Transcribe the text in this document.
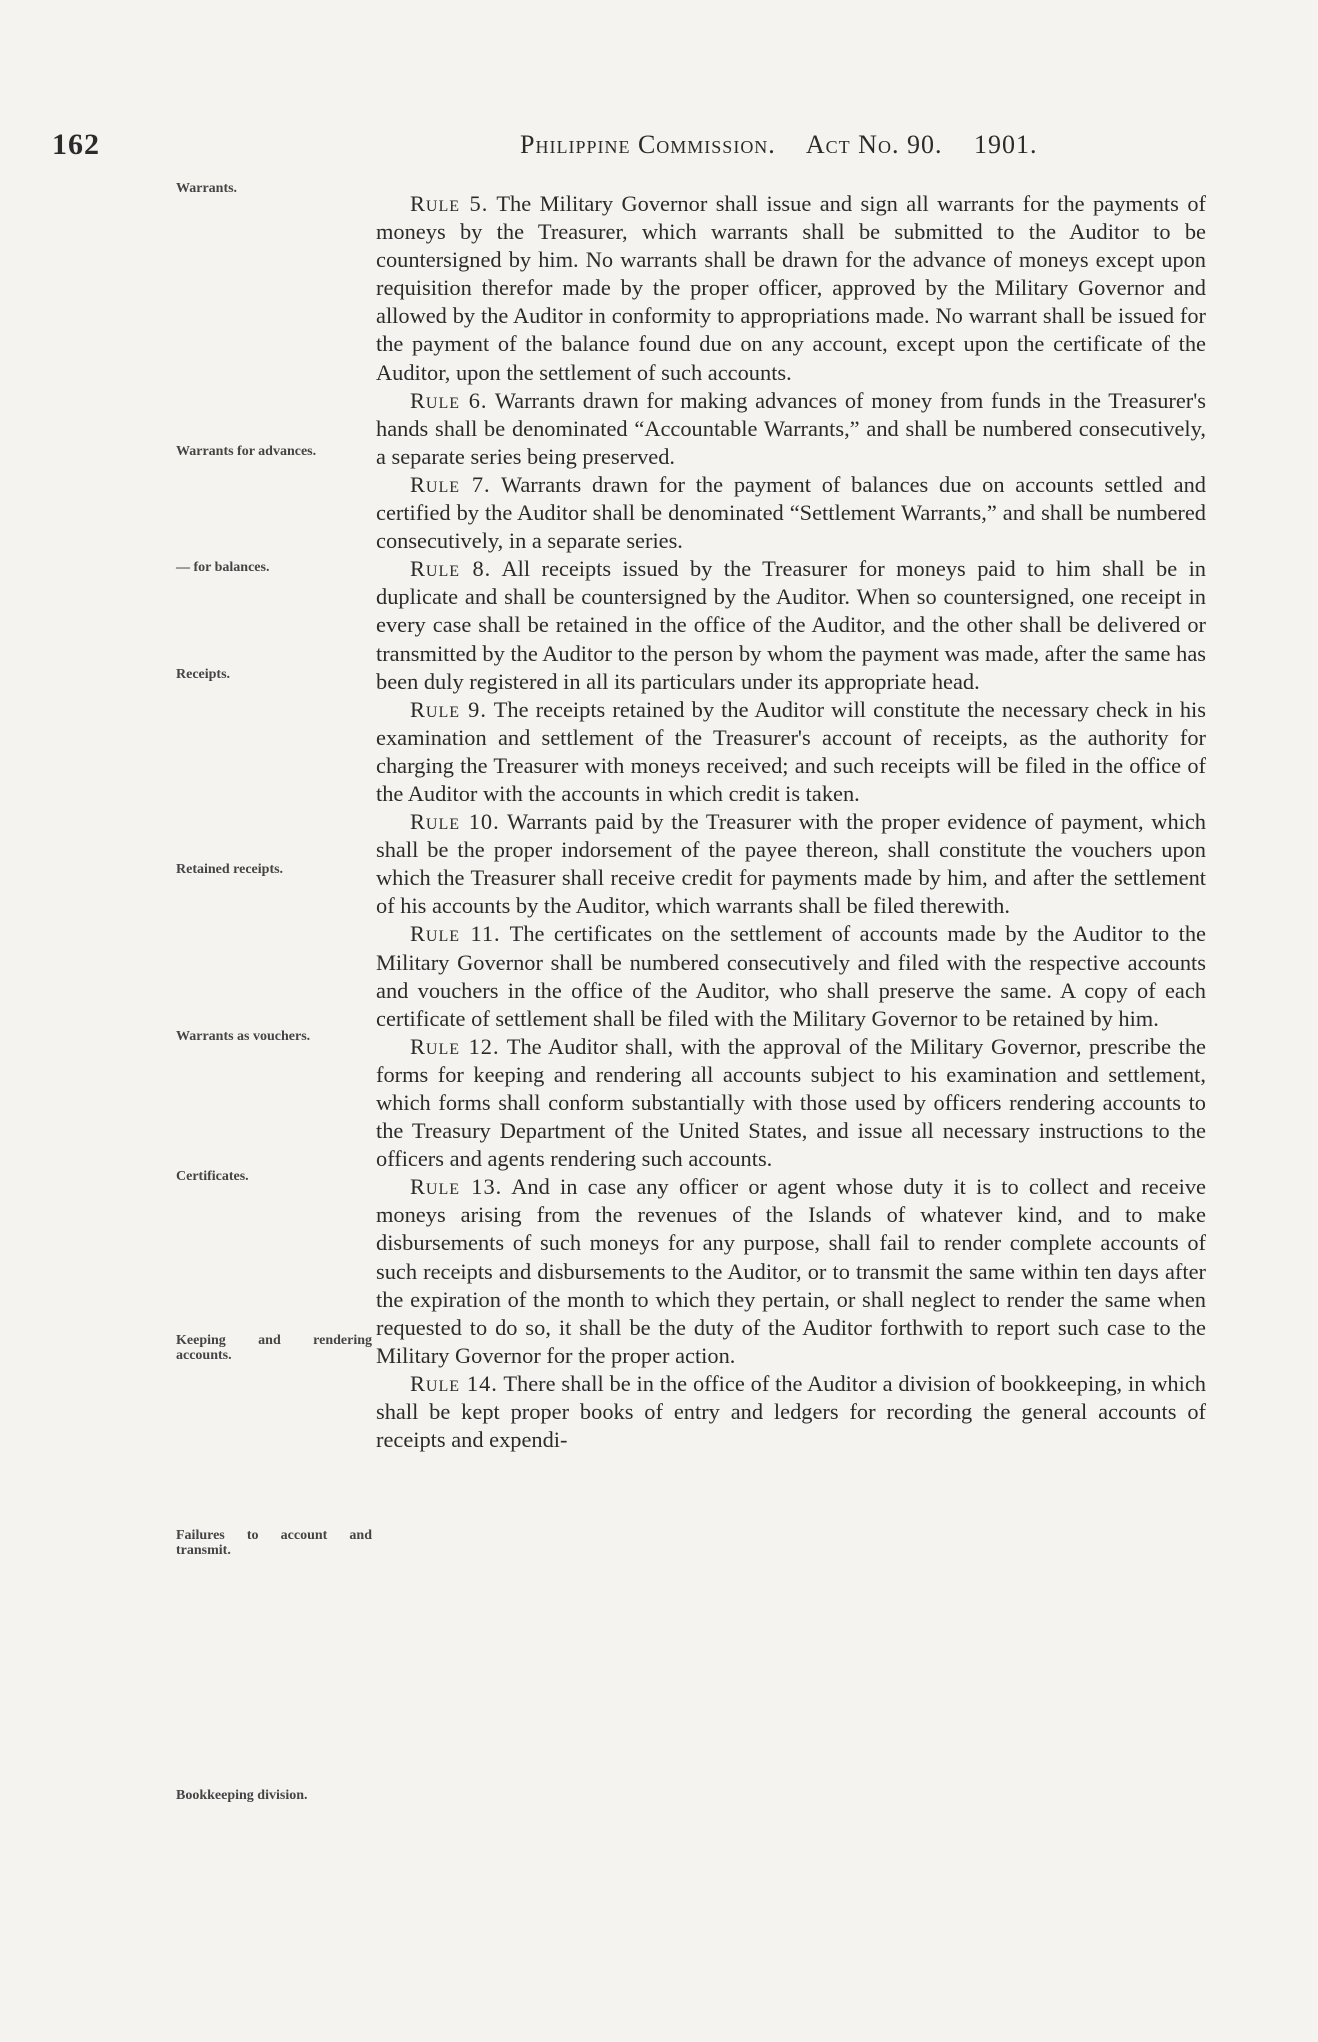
162	Philippine Commission. Act No. 90. 1901.
Warrants.
Warrants for advances.
— for balances.
Receipts.
Retained receipts.
Warrants as vouchers.
Certificates.
Keeping and rendering accounts.
Failures to account and transmit.
Bookkeeping division.

Rule 5. The Military Governor shall issue and sign all warrants for the payments of moneys by the Treasurer, which warrants shall be submitted to the Auditor to be countersigned by him. No warrants shall be drawn for the advance of moneys except upon requisition therefor made by the proper officer, approved by the Military Governor and allowed by the Auditor in conformity to appropriations made. No warrant shall be issued for the payment of the balance found due on any account, except upon the certificate of the Auditor, upon the settlement of such accounts.

Rule 6. Warrants drawn for making advances of money from funds in the Treasurer's hands shall be denominated “Accountable Warrants,” and shall be numbered consecutively, a separate series being preserved.

Rule 7. Warrants drawn for the payment of balances due on accounts settled and certified by the Auditor shall be denominated “Settlement Warrants,” and shall be numbered consecutively, in a separate series.

Rule 8. All receipts issued by the Treasurer for moneys paid to him shall be in duplicate and shall be countersigned by the Auditor. When so countersigned, one receipt in every case shall be retained in the office of the Auditor, and the other shall be delivered or transmitted by the Auditor to the person by whom the payment was made, after the same has been duly registered in all its particulars under its appropriate head.

Rule 9. The receipts retained by the Auditor will constitute the necessary check in his examination and settlement of the Treasurer's account of receipts, as the authority for charging the Treasurer with moneys received; and such receipts will be filed in the office of the Auditor with the accounts in which credit is taken.

Rule 10. Warrants paid by the Treasurer with the proper evidence of payment, which shall be the proper indorsement of the payee thereon, shall constitute the vouchers upon which the Treasurer shall receive credit for payments made by him, and after the settlement of his accounts by the Auditor, which warrants shall be filed therewith.

Rule 11. The certificates on the settlement of accounts made by the Auditor to the Military Governor shall be numbered consecutively and filed with the respective accounts and vouchers in the office of the Auditor, who shall preserve the same. A copy of each certificate of settlement shall be filed with the Military Governor to be retained by him.

Rule 12. The Auditor shall, with the approval of the Military Governor, prescribe the forms for keeping and rendering all accounts subject to his examination and settlement, which forms shall conform substantially with those used by officers rendering accounts to the Treasury Department of the United States, and issue all necessary instructions to the officers and agents rendering such accounts.

Rule 13. And in case any officer or agent whose duty it is to collect and receive moneys arising from the revenues of the Islands of whatever kind, and to make disbursements of such moneys for any purpose, shall fail to render complete accounts of such receipts and disbursements to the Auditor, or to transmit the same within ten days after the expiration of the month to which they pertain, or shall neglect to render the same when requested to do so, it shall be the duty of the Auditor forthwith to report such case to the Military Governor for the proper action.

Rule 14. There shall be in the office of the Auditor a division of bookkeeping, in which shall be kept proper books of entry and ledgers for recording the general accounts of receipts and expendi-
